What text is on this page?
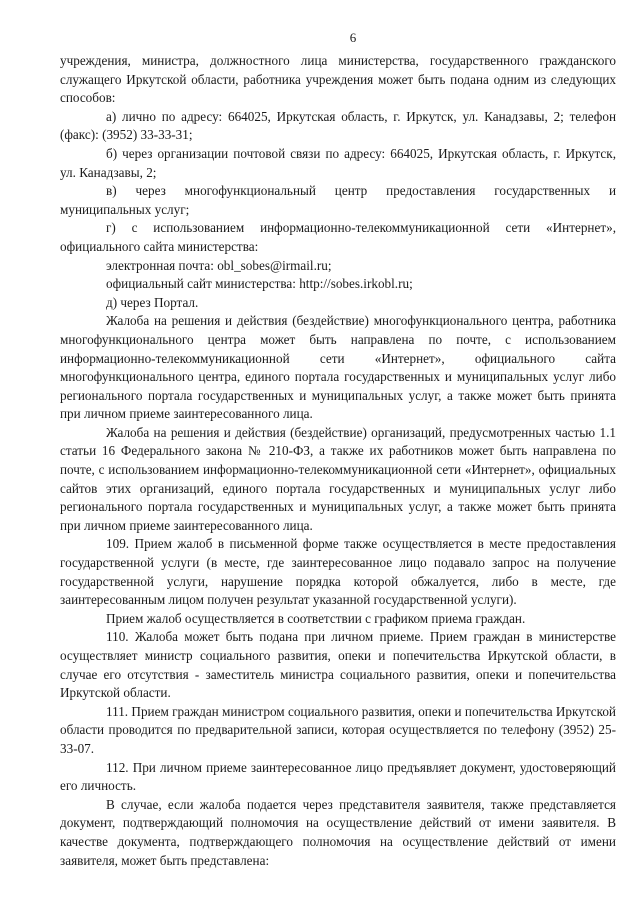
6

учреждения, министра, должностного лица министерства, государственного гражданского служащего Иркутской области, работника учреждения может быть подана одним из следующих способов:

а) лично по адресу: 664025, Иркутская область, г. Иркутск, ул. Канадзавы, 2; телефон (факс): (3952) 33-33-31;

б) через организации почтовой связи по адресу: 664025, Иркутская область, г. Иркутск, ул. Канадзавы, 2;

в) через многофункциональный центр предоставления государственных и муниципальных услуг;

г) с использованием информационно-телекоммуникационной сети «Интернет», официального сайта министерства:

электронная почта: obl_sobes@irmail.ru;

официальный сайт министерства: http://sobes.irkobl.ru;

д) через Портал.

Жалоба на решения и действия (бездействие) многофункционального центра, работника многофункционального центра может быть направлена по почте, с использованием информационно-телекоммуникационной сети «Интернет», официального сайта многофункционального центра, единого портала государственных и муниципальных услуг либо регионального портала государственных и муниципальных услуг, а также может быть принята при личном приеме заинтересованного лица.

Жалоба на решения и действия (бездействие) организаций, предусмотренных частью 1.1 статьи 16 Федерального закона № 210-ФЗ, а также их работников может быть направлена по почте, с использованием информационно-телекоммуникационной сети «Интернет», официальных сайтов этих организаций, единого портала государственных и муниципальных услуг либо регионального портала государственных и муниципальных услуг, а также может быть принята при личном приеме заинтересованного лица.

109. Прием жалоб в письменной форме также осуществляется в месте предоставления государственной услуги (в месте, где заинтересованное лицо подавало запрос на получение государственной услуги, нарушение порядка которой обжалуется, либо в месте, где заинтересованным лицом получен результат указанной государственной услуги).

Прием жалоб осуществляется в соответствии с графиком приема граждан.

110. Жалоба может быть подана при личном приеме. Прием граждан в министерстве осуществляет министр социального развития, опеки и попечительства Иркутской области, в случае его отсутствия - заместитель министра социального развития, опеки и попечительства Иркутской области.

111. Прием граждан министром социального развития, опеки и попечительства Иркутской области проводится по предварительной записи, которая осуществляется по телефону (3952) 25-33-07.

112. При личном приеме заинтересованное лицо предъявляет документ, удостоверяющий его личность.

В случае, если жалоба подается через представителя заявителя, также представляется документ, подтверждающий полномочия на осуществление действий от имени заявителя. В качестве документа, подтверждающего полномочия на осуществление действий от имени заявителя, может быть представлена:
